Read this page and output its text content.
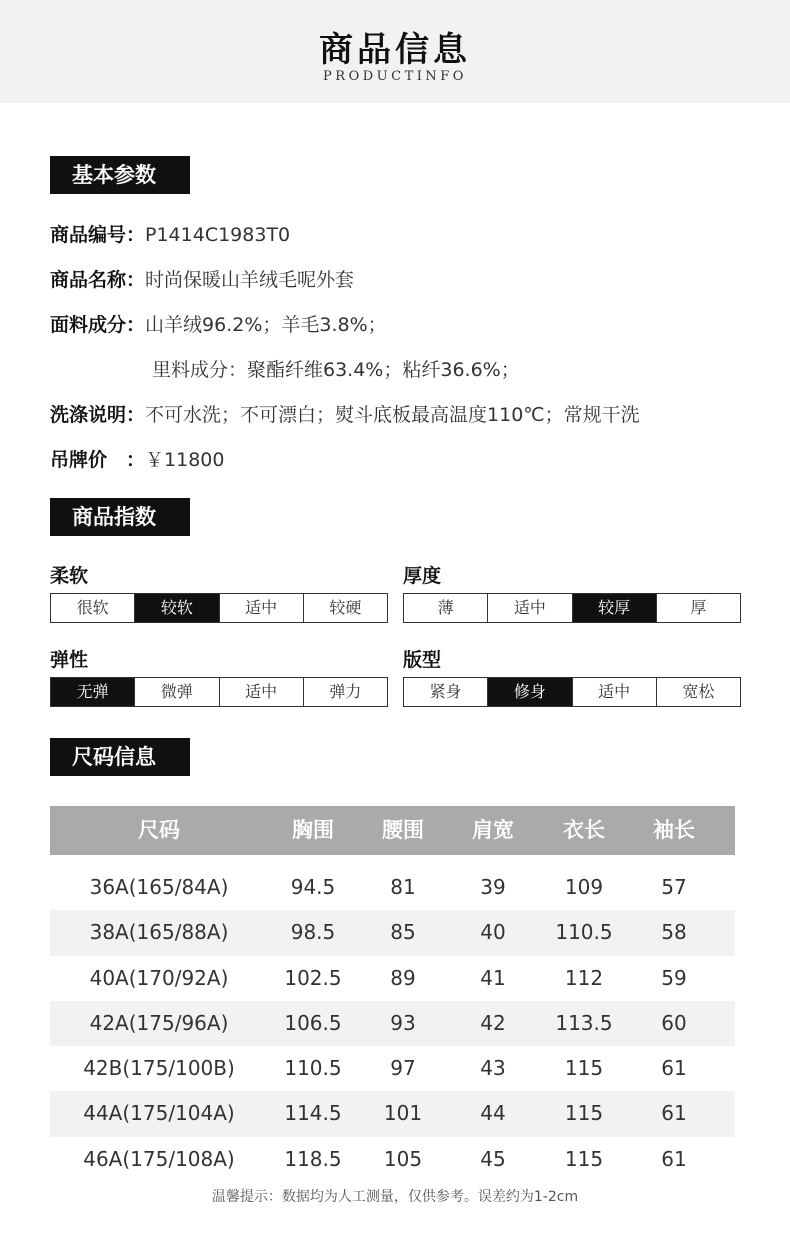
商品信息
PRODUCTINFO
基本参数
商品编号：P1414C1983T0
商品名称：时尚保暖山羊绒毛呢外套
面料成分：山羊绒96.2%；羊毛3.8%；
里料成分：聚酯纤维63.4%；粘纤36.6%；
洗涤说明：不可水洗；不可漂白；熨斗底板最高温度110℃；常规干洗
吊牌价　：￥11800
商品指数
柔软
很软	较软	适中	较硬
厚度
薄	适中	较厚	厚
弹性
无弹	微弹	适中	弹力
版型
紧身	修身	适中	宽松
尺码信息
尺码	胸围	腰围	肩宽	衣长	袖长
36A(165/84A)	94.5	81	39	109	57
38A(165/88A)	98.5	85	40	110.5	58
40A(170/92A)	102.5	89	41	112	59
42A(175/96A)	106.5	93	42	113.5	60
42B(175/100B)	110.5	97	43	115	61
44A(175/104A)	114.5	101	44	115	61
46A(175/108A)	118.5	105	45	115	61
温馨提示：数据均为人工测量，仅供参考。误差约为1-2cm
